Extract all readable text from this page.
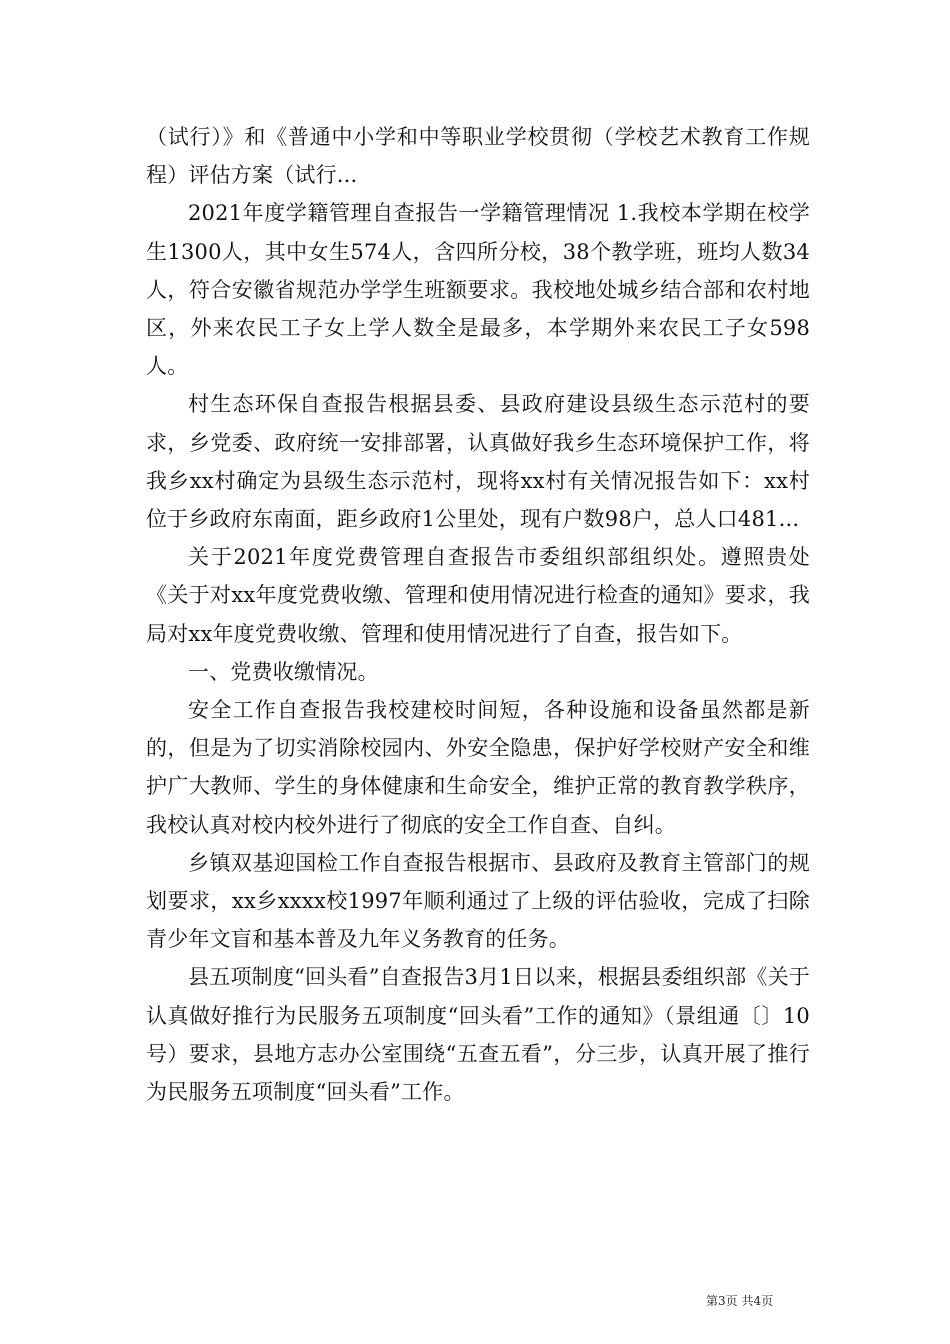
（试行）》和《普通中小学和中等职业学校贯彻（学校艺术教育工作规程）评估方案（试行...

2021年度学籍管理自查报告一学籍管理情况 1.我校本学期在校学生1300人，其中女生574人，含四所分校，38个教学班，班均人数34人，符合安徽省规范办学学生班额要求。我校地处城乡结合部和农村地区，外来农民工子女上学人数全是最多，本学期外来农民工子女598人。

村生态环保自查报告根据县委、县政府建设县级生态示范村的要求，乡党委、政府统一安排部署，认真做好我乡生态环境保护工作，将我乡xx村确定为县级生态示范村，现将xx村有关情况报告如下：xx村位于乡政府东南面，距乡政府1公里处，现有户数98户，总人口481...

关于2021年度党费管理自查报告市委组织部组织处。遵照贵处《关于对xx年度党费收缴、管理和使用情况进行检查的通知》要求，我局对xx年度党费收缴、管理和使用情况进行了自查，报告如下。

一、党费收缴情况。

安全工作自查报告我校建校时间短，各种设施和设备虽然都是新的，但是为了切实消除校园内、外安全隐患，保护好学校财产安全和维护广大教师、学生的身体健康和生命安全，维护正常的教育教学秩序，我校认真对校内校外进行了彻底的安全工作自查、自纠。

乡镇双基迎国检工作自查报告根据市、县政府及教育主管部门的规划要求，xx乡xxxx校1997年顺利通过了上级的评估验收，完成了扫除青少年文盲和基本普及九年义务教育的任务。

县五项制度“回头看”自查报告3月1日以来，根据县委组织部《关于认真做好推行为民服务五项制度“回头看”工作的通知》（景组通〔〕10号）要求，县地方志办公室围绕“五查五看”，分三步，认真开展了推行为民服务五项制度“回头看”工作。

第3页 共4页
